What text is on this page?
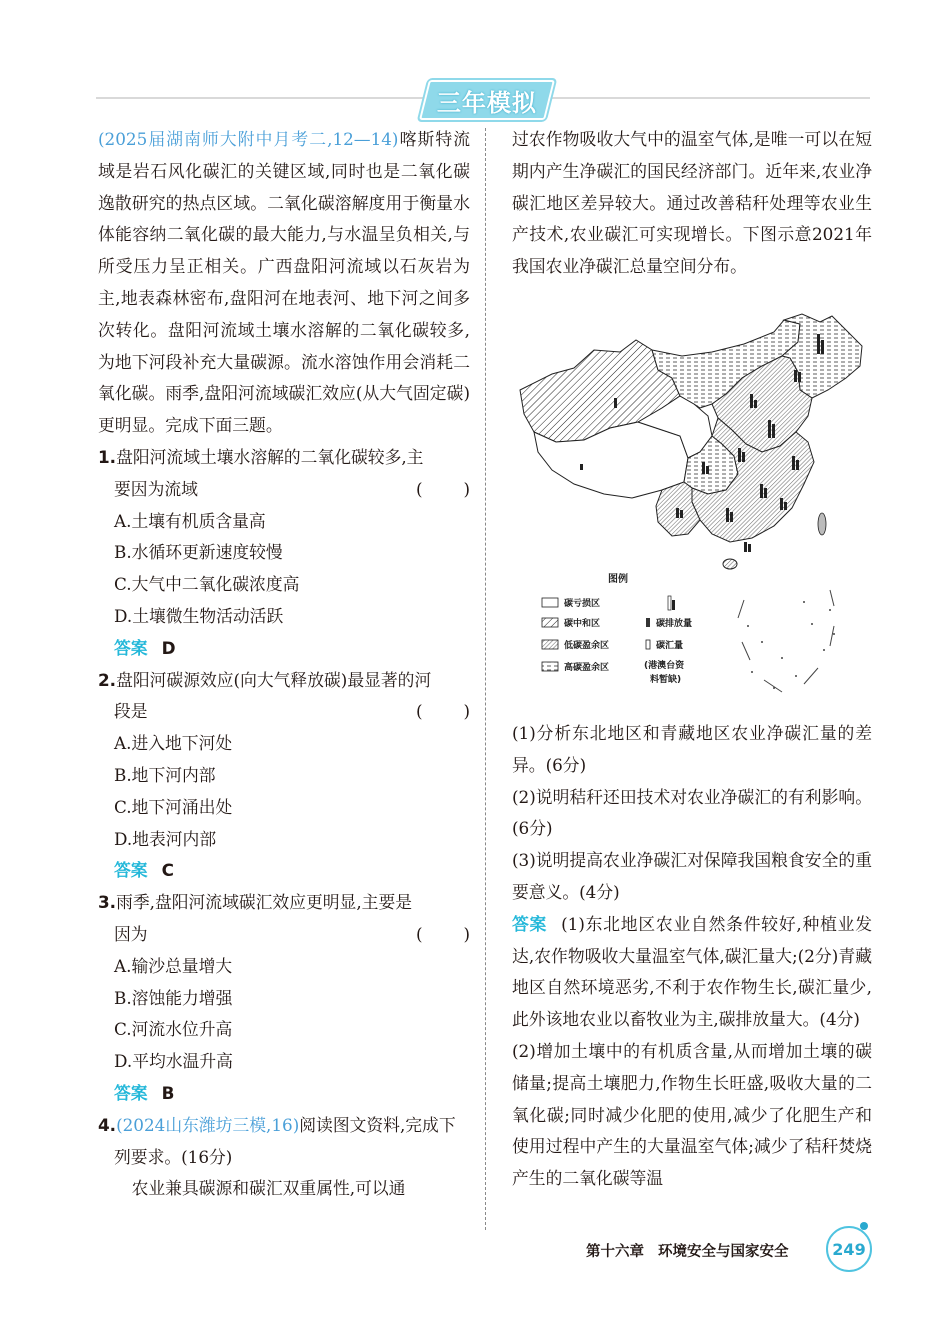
三年模拟

(2025届湖南师大附中月考二,12—14)喀斯特流域是岩石风化碳汇的关键区域,同时也是二氧化碳逸散研究的热点区域。二氧化碳溶解度用于衡量水体能容纳二氧化碳的最大能力,与水温呈负相关,与所受压力呈正相关。广西盘阳河流域以石灰岩为主,地表森林密布,盘阳河在地表河、地下河之间多次转化。盘阳河流域土壤水溶解的二氧化碳较多,为地下河段补充大量碳源。流水溶蚀作用会消耗二氧化碳。雨季,盘阳河流域碳汇效应(从大气固定碳)更明显。完成下面三题。

1.盘阳河流域土壤水溶解的二氧化碳较多,主
要因为流域	( )

A.土壤有机质含量高

B.水循环更新速度较慢

C.大气中二氧化碳浓度高

D.土壤微生物活动活跃

答案 D

2.盘阳河碳源效应(向大气释放碳)最显著的河
段是	( )

A.进入地下河处

B.地下河内部

C.地下河涌出处

D.地表河内部

答案 C

3.雨季,盘阳河流域碳汇效应更明显,主要是
因为	( )

A.输沙总量增大

B.溶蚀能力增强

C.河流水位升高

D.平均水温升高

答案 B

4.(2024山东潍坊三模,16)阅读图文资料,完成下
列要求。(16分)

农业兼具碳源和碳汇双重属性,可以通

过农作物吸收大气中的温室气体,是唯一可以在短期内产生净碳汇的国民经济部门。近年来,农业净碳汇地区差异较大。通过改善秸秆处理等农业生产技术,农业碳汇可实现增长。下图示意2021年我国农业净碳汇总量空间分布。

图例
碳亏损区
碳中和区
低碳盈余区
高碳盈余区
碳排放量
碳汇量
(港澳台资
料暂缺)

(1)分析东北地区和青藏地区农业净碳汇量的差异。(6分)

(2)说明秸秆还田技术对农业净碳汇的有利影响。(6分)

(3)说明提高农业净碳汇对保障我国粮食安全的重要意义。(4分)

答案 (1)东北地区农业自然条件较好,种植业发达,农作物吸收大量温室气体,碳汇量大;(2分)青藏地区自然环境恶劣,不利于农作物生长,碳汇量少,此外该地农业以畜牧业为主,碳排放量大。(4分)

(2)增加土壤中的有机质含量,从而增加土壤的碳储量;提高土壤肥力,作物生长旺盛,吸收大量的二氧化碳;同时减少化肥的使用,减少了化肥生产和使用过程中产生的大量温室气体;减少了秸秆焚烧产生的二氧化碳等温

第十六章 环境安全与国家安全	249
